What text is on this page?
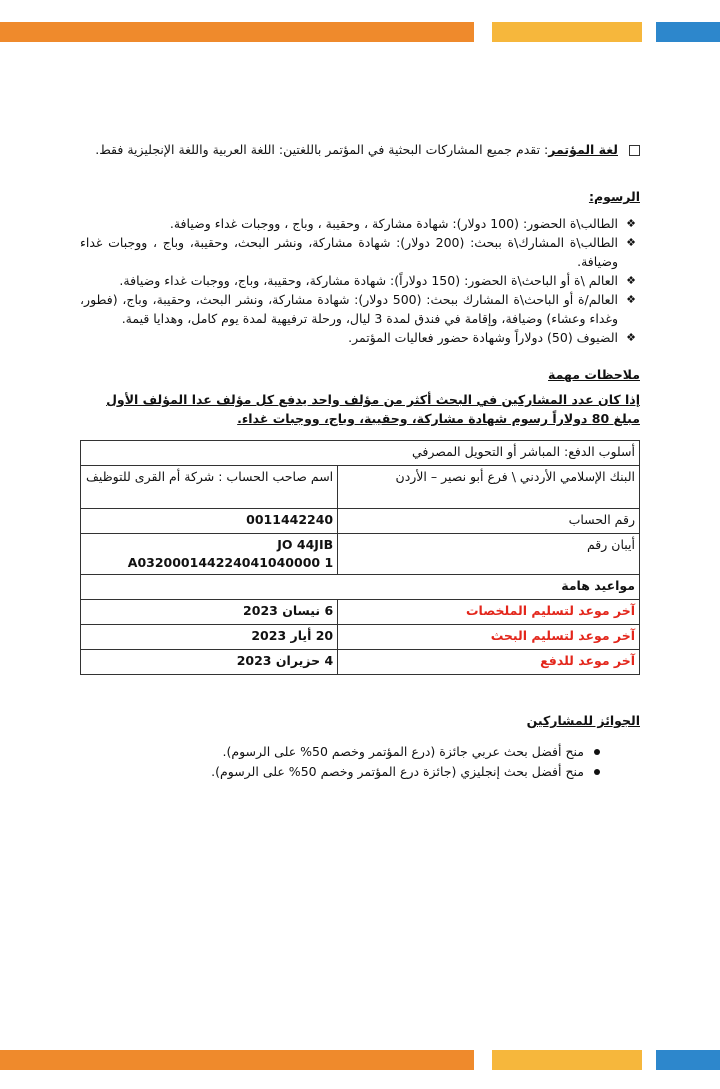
لغة المؤتمر: تقدم جميع المشاركات البحثية في المؤتمر باللغتين: اللغة العربية واللغة الإنجليزية فقط.

الرسوم:

❖
الطالب\ة الحضور: (100 دولار): شهادة مشاركة ، وحقيبة ، وباج ، ووجبات غداء وضيافة.
❖
الطالب\ة المشارك\ة ببحث: (200 دولار): شهادة مشاركة، ونشر البحث، وحقيبة، وباج ، ووجبات غداء وضيافة.
❖
العالم \ة أو الباحث\ة الحضور: (150 دولاراً): شهادة مشاركة، وحقيبة، وباج، ووجبات غداء وضيافة.
❖
العالم/ة أو الباحث\ة المشارك ببحث: (500 دولار): شهادة مشاركة، ونشر البحث، وحقيبة، وباج، (فطور، وغداء وعشاء) وضيافة، وإقامة في فندق لمدة 3 ليال، ورحلة ترفيهية لمدة يوم كامل، وهدايا قيمة.
❖
الضيوف (50) دولاراً وشهادة حضور فعاليات المؤتمر.

ملاحظات مهمة

إذا كان عدد المشاركين في البحث أكثر من مؤلف واحد يدفع كل مؤلف عدا المؤلف الأول مبلغ 80 دولاراً رسوم شهادة مشاركة، وحقيبة، وباج، ووجبات غداء.
أسلوب الدفع: المباشر أو التحويل المصرفي	
البنك الإسلامي الأردني \ فرع أبو نصير – الأردن	اسم صاحب الحساب : شركة أم القرى للتوظيف
رقم الحساب	0011442240
أيبان رقم	JO 44JIB A032000144224041040000 1
مواعيد هامة	
آخر موعد لتسليم الملخصات	6 نيسان 2023
آخر موعد لتسليم البحث	20 أيار 2023
آخر موعد للدفع	4 حزيران 2023

الجوائز للمشاركين

منح أفضل بحث عربي جائزة (درع المؤتمر وخصم 50% على الرسوم).
منح أفضل بحث إنجليزي (جائزة درع المؤتمر وخصم 50% على الرسوم).
